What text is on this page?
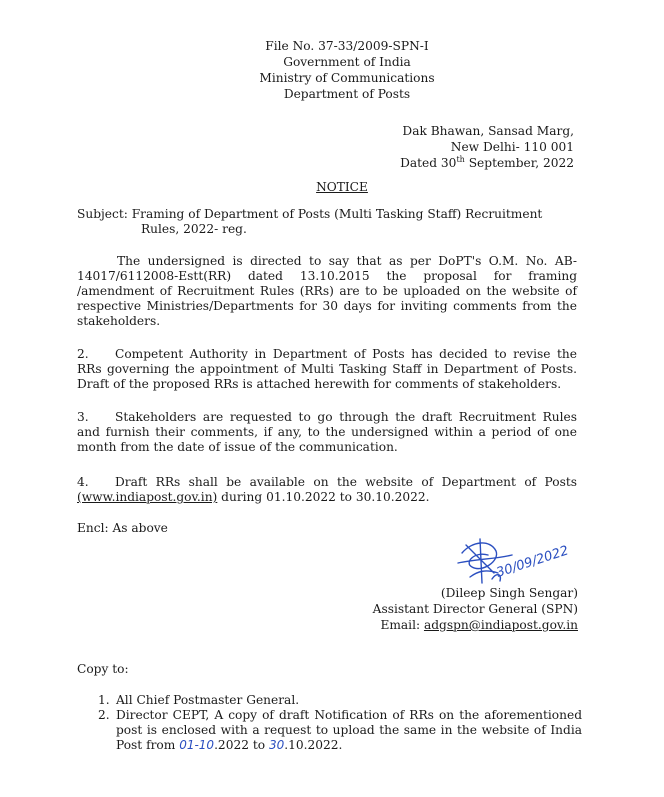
File No. 37-33/2009-SPN-I
Government of India
Ministry of Communications
Department of Posts
Dak Bhawan, Sansad Marg,
New Delhi- 110 001
Dated 30th September, 2022
NOTICE
Subject: Framing of Department of Posts (Multi Tasking Staff) Recruitment
Rules, 2022- reg.
The undersigned is directed to say that as per DoPT's O.M. No. AB-14017/6112008-Estt(RR) dated 13.10.2015 the proposal for framing /amendment of Recruitment Rules (RRs) are to be uploaded on the website of respective Ministries/Departments for 30 days for inviting comments from the stakeholders.
2. Competent Authority in Department of Posts has decided to revise the RRs governing the appointment of Multi Tasking Staff in Department of Posts. Draft of the proposed RRs is attached herewith for comments of stakeholders.
3. Stakeholders are requested to go through the draft Recruitment Rules and furnish their comments, if any, to the undersigned within a period of one month from the date of issue of the communication.
4. Draft RRs shall be available on the website of Department of Posts (www.indiapost.gov.in) during 01.10.2022 to 30.10.2022.
Encl: As above
30/09/2022
(Dileep Singh Sengar)
Assistant Director General (SPN)
Email: adgspn@indiapost.gov.in
Copy to:
1. All Chief Postmaster General.
2. Director CEPT, A copy of draft Notification of RRs on the aforementioned post is enclosed with a request to upload the same in the website of India Post from 01-10.2022 to 30.10.2022.
